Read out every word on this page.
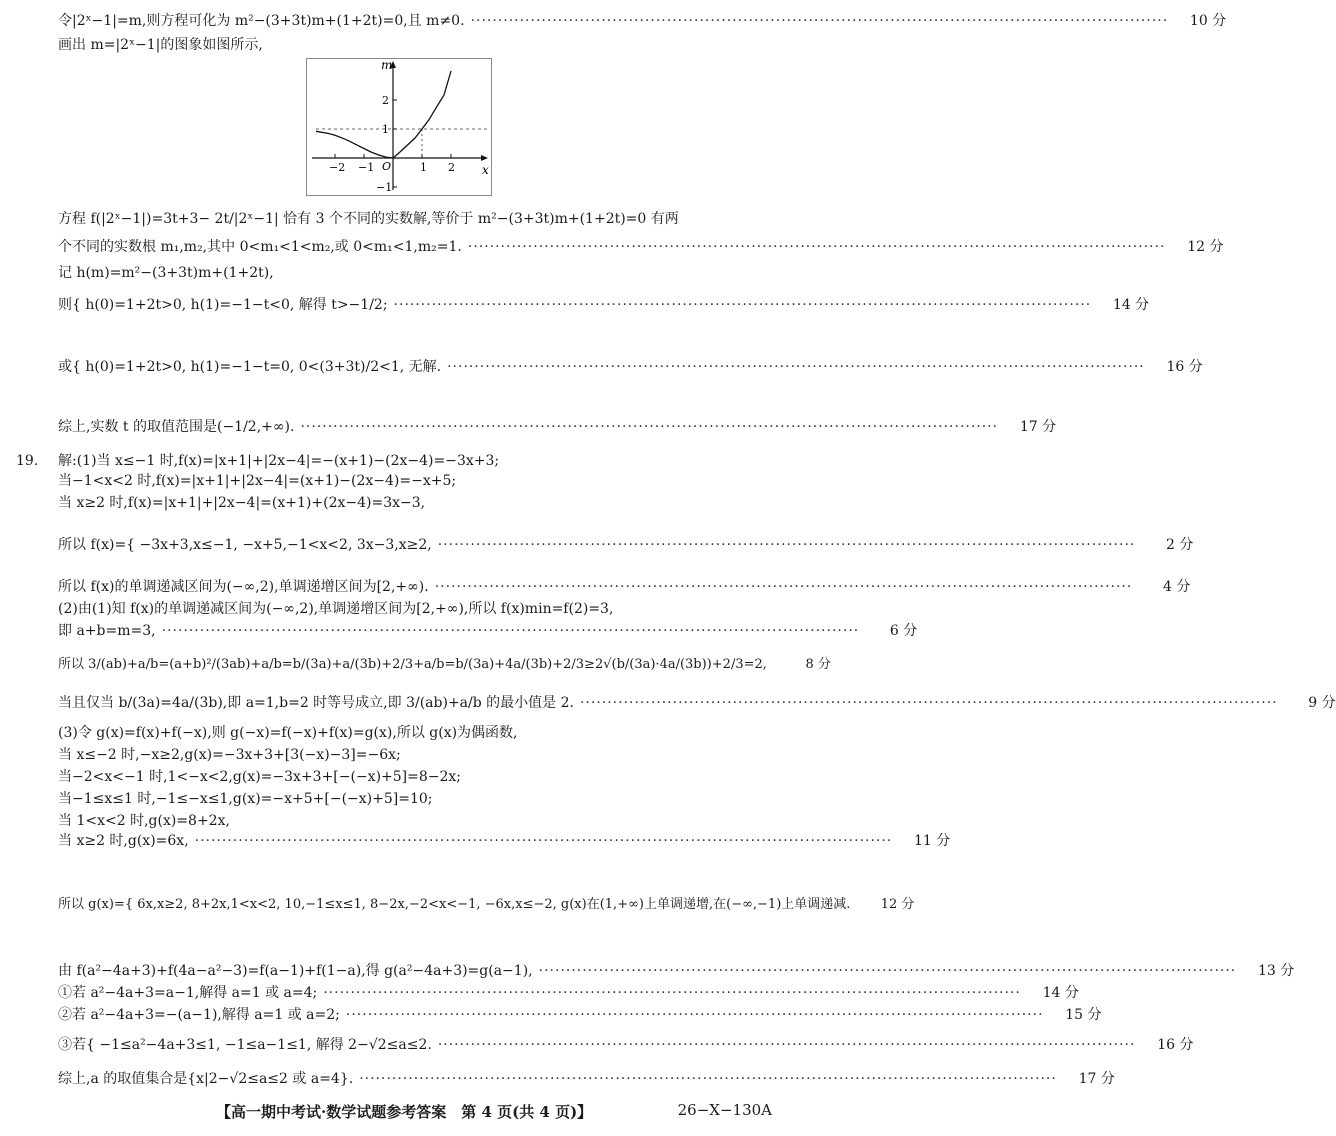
令|2ˣ−1|=m,则方程可化为 m²−(3+3t)m+(1+2t)=0,且 m≠0. ·····	10 分
画出 m=|2ˣ−1|的图象如图所示,
m
x
O
−2 −1	1 2
2
1
−1
方程 f(|2ˣ−1|)=3t+3− 2t/|2ˣ−1| 恰有 3 个不同的实数解,等价于 m²−(3+3t)m+(1+2t)=0 有两
个不同的实数根 m₁,m₂,其中 0<m₁<1<m₂,或 0<m₁<1,m₂=1. ·····	12 分
记 h(m)=m²−(3+3t)m+(1+2t),
则{ h(0)=1+2t>0, h(1)=−1−t<0, 解得 t>−1/2; ·····	14 分
或{ h(0)=1+2t>0, h(1)=−1−t=0, 0<(3+3t)/2<1, 无解. ·····	16 分
综上,实数 t 的取值范围是(−1/2,+∞). ·····	17 分
19. 解:(1)当 x≤−1 时,f(x)=|x+1|+|2x−4|=−(x+1)−(2x−4)=−3x+3;
当−1<x<2 时,f(x)=|x+1|+|2x−4|=(x+1)−(2x−4)=−x+5;
当 x≥2 时,f(x)=|x+1|+|2x−4|=(x+1)+(2x−4)=3x−3,
所以 f(x)={ −3x+3,x≤−1, −x+5,−1<x<2, 3x−3,x≥2, ·····	2 分
所以 f(x)的单调递减区间为(−∞,2),单调递增区间为[2,+∞). ·····	4 分
(2)由(1)知 f(x)的单调递减区间为(−∞,2),单调递增区间为[2,+∞),所以 f(x)min=f(2)=3,
即 a+b=m=3, ·····	6 分
所以 3/(ab)+a/b=(a+b)²/(3ab)+a/b=b/(3a)+a/(3b)+2/3+a/b=b/(3a)+4a/(3b)+2/3≥2√(b/(3a)·4a/(3b))+2/3=2,	8 分
当且仅当 b/(3a)=4a/(3b),即 a=1,b=2 时等号成立,即 3/(ab)+a/b 的最小值是 2. ·····	9 分
(3)令 g(x)=f(x)+f(−x),则 g(−x)=f(−x)+f(x)=g(x),所以 g(x)为偶函数,
当 x≤−2 时,−x≥2,g(x)=−3x+3+[3(−x)−3]=−6x;
当−2<x<−1 时,1<−x<2,g(x)=−3x+3+[−(−x)+5]=8−2x;
当−1≤x≤1 时,−1≤−x≤1,g(x)=−x+5+[−(−x)+5]=10;
当 1<x<2 时,g(x)=8+2x,
当 x≥2 时,g(x)=6x, ·····	11 分
所以 g(x)={ 6x,x≥2, 8+2x,1<x<2, 10,−1≤x≤1, 8−2x,−2<x<−1, −6x,x≤−2, g(x)在(1,+∞)上单调递增,在(−∞,−1)上单调递减.	12 分
由 f(a²−4a+3)+f(4a−a²−3)=f(a−1)+f(1−a),得 g(a²−4a+3)=g(a−1), ·····	13 分
①若 a²−4a+3=a−1,解得 a=1 或 a=4; ·····	14 分
②若 a²−4a+3=−(a−1),解得 a=1 或 a=2; ·····	15 分
③若{ −1≤a²−4a+3≤1, −1≤a−1≤1, 解得 2−√2≤a≤2. ·····	16 分
综上,a 的取值集合是{x|2−√2≤a≤2 或 a=4}. ·····	17 分
【高一期中考试·数学试题参考答案　第 4 页(共 4 页)】	26−X−130A
